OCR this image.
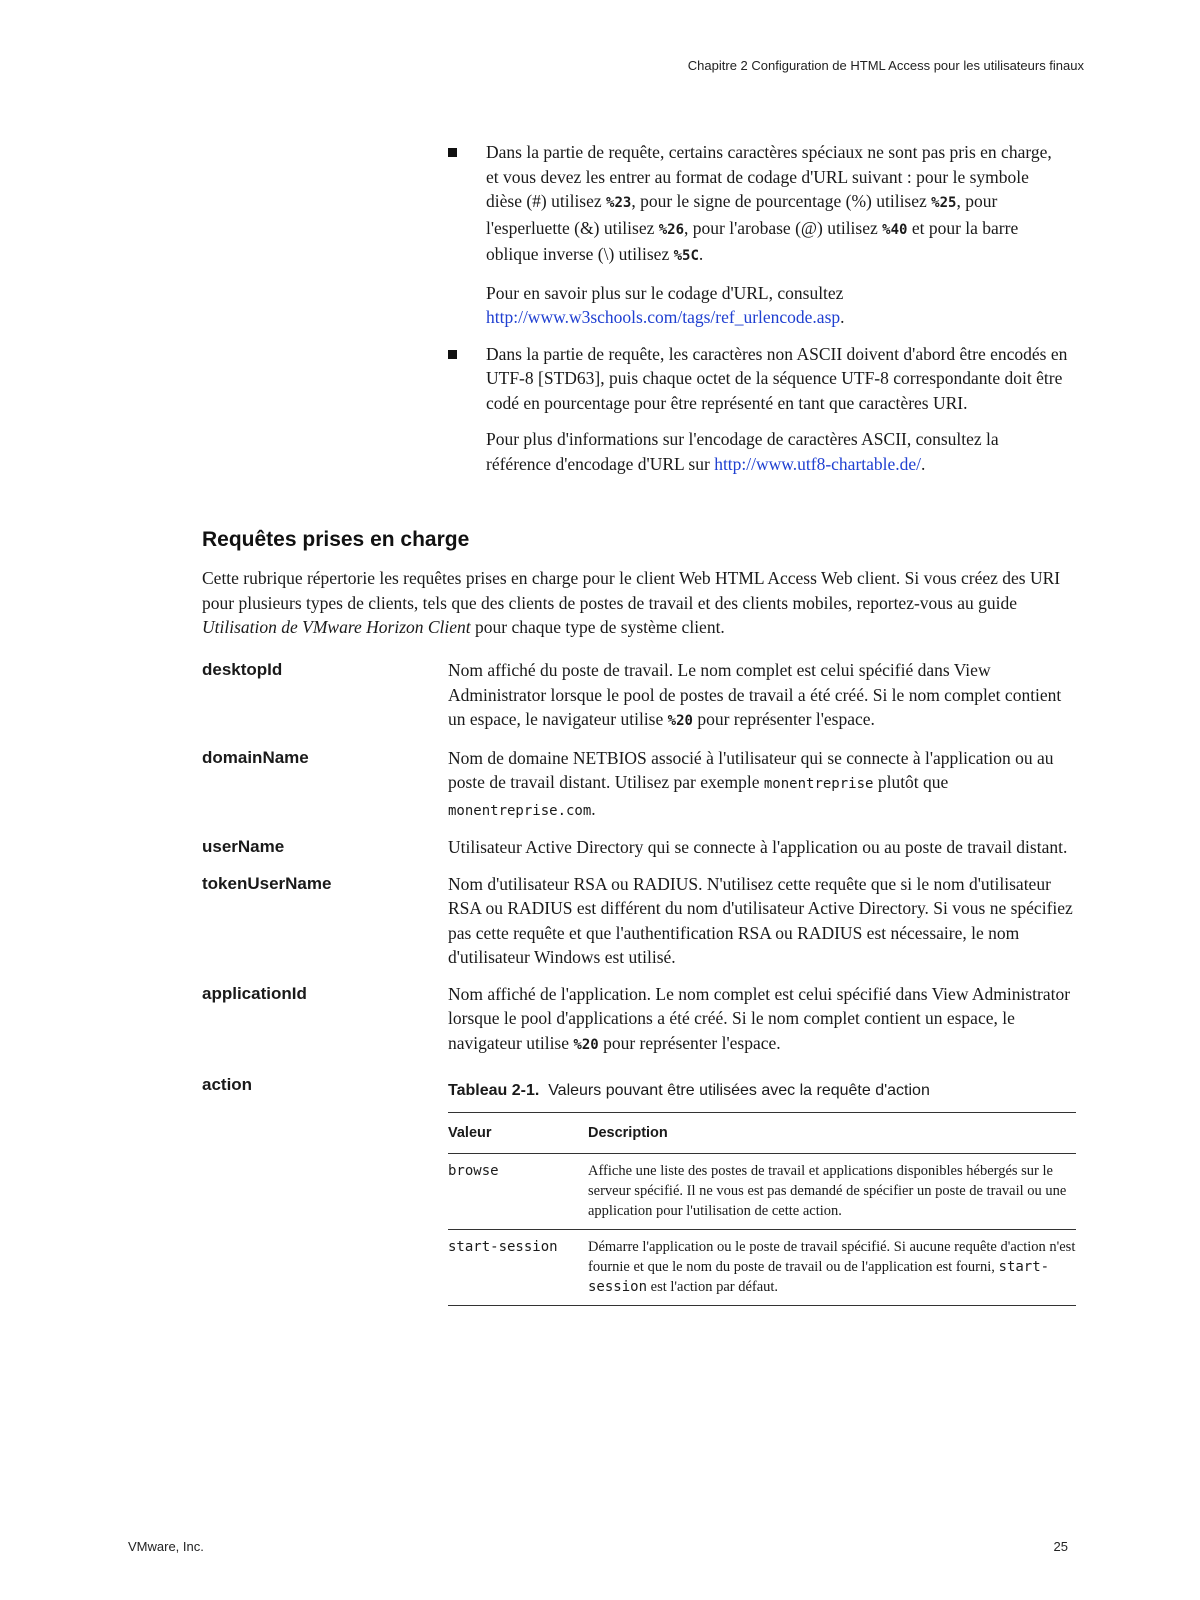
Chapitre 2 Configuration de HTML Access pour les utilisateurs finaux

Dans la partie de requête, certains caractères spéciaux ne sont pas pris en charge, et vous devez les entrer au format de codage d'URL suivant : pour le symbole dièse (#) utilisez %23, pour le signe de pourcentage (%) utilisez %25, pour l'esperluette (&) utilisez %26, pour l'arobase (@) utilisez %40 et pour la barre oblique inverse (\) utilisez %5C.

Pour en savoir plus sur le codage d'URL, consultez http://www.w3schools.com/tags/ref_urlencode.asp.

Dans la partie de requête, les caractères non ASCII doivent d'abord être encodés en UTF-8 [STD63], puis chaque octet de la séquence UTF-8 correspondante doit être codé en pourcentage pour être représenté en tant que caractères URI.

Pour plus d'informations sur l'encodage de caractères ASCII, consultez la référence d'encodage d'URL sur http://www.utf8-chartable.de/.

Requêtes prises en charge

Cette rubrique répertorie les requêtes prises en charge pour le client Web HTML Access Web client. Si vous créez des URI pour plusieurs types de clients, tels que des clients de postes de travail et des clients mobiles, reportez-vous au guide Utilisation de VMware Horizon Client pour chaque type de système client.

desktopId	Nom affiché du poste de travail. Le nom complet est celui spécifié dans View Administrator lorsque le pool de postes de travail a été créé. Si le nom complet contient un espace, le navigateur utilise %20 pour représenter l'espace.
domainName	Nom de domaine NETBIOS associé à l'utilisateur qui se connecte à l'application ou au poste de travail distant. Utilisez par exemple monentreprise plutôt que monentreprise.com.
userName	Utilisateur Active Directory qui se connecte à l'application ou au poste de travail distant.
tokenUserName	Nom d'utilisateur RSA ou RADIUS. N'utilisez cette requête que si le nom d'utilisateur RSA ou RADIUS est différent du nom d'utilisateur Active Directory. Si vous ne spécifiez pas cette requête et que l'authentification RSA ou RADIUS est nécessaire, le nom d'utilisateur Windows est utilisé.
applicationId	Nom affiché de l'application. Le nom complet est celui spécifié dans View Administrator lorsque le pool d'applications a été créé. Si le nom complet contient un espace, le navigateur utilise %20 pour représenter l'espace.
action	Tableau 2-1. Valeurs pouvant être utilisées avec la requête d'action
Valeur	Description
browse	Affiche une liste des postes de travail et applications disponibles hébergés sur le serveur spécifié. Il ne vous est pas demandé de spécifier un poste de travail ou une application pour l'utilisation de cette action.
start-session	Démarre l'application ou le poste de travail spécifié. Si aucune requête d'action n'est fournie et que le nom du poste de travail ou de l'application est fourni, start-session est l'action par défaut.
VMware, Inc.	25
